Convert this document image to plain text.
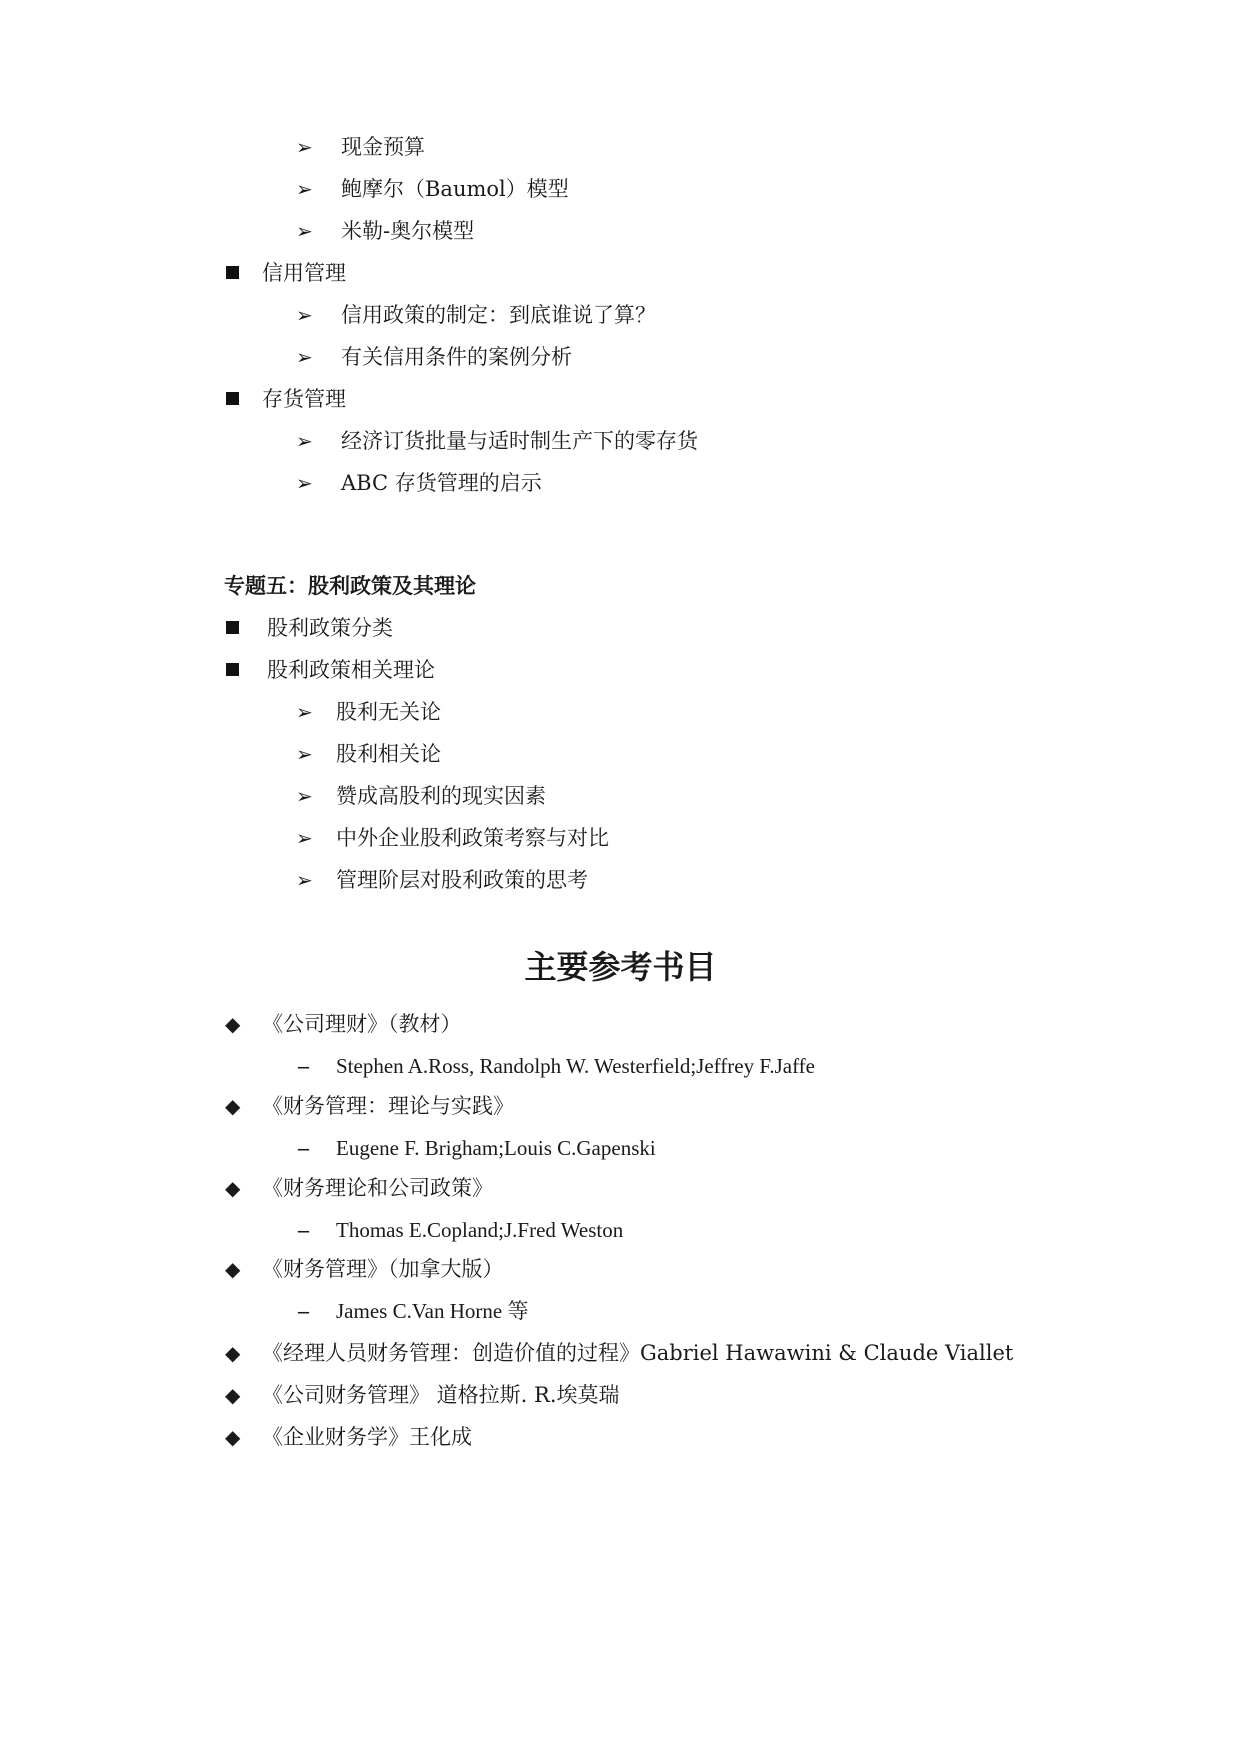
➢ 现金预算
➢ 鲍摩尔（Baumol）模型
➢ 米勒-奥尔模型
信用管理
➢ 信用政策的制定：到底谁说了算？
➢ 有关信用条件的案例分析
存货管理
➢ 经济订货批量与适时制生产下的零存货
➢ ABC 存货管理的启示
专题五：股利政策及其理论
股利政策分类
股利政策相关理论
➢ 股利无关论
➢ 股利相关论
➢ 赞成高股利的现实因素
➢ 中外企业股利政策考察与对比
➢ 管理阶层对股利政策的思考
主要参考书目
◆ 《公司理财》（教材）
– Stephen A.Ross, Randolph W. Westerfield;Jeffrey F.Jaffe
◆ 《财务管理：理论与实践》
– Eugene F. Brigham;Louis C.Gapenski
◆ 《财务理论和公司政策》
– Thomas E.Copland;J.Fred Weston
◆ 《财务管理》（加拿大版）
– James C.Van Horne 等
◆ 《经理人员财务管理：创造价值的过程》Gabriel Hawawini & Claude Viallet
◆ 《公司财务管理》 道格拉斯. R.埃莫瑞
◆ 《企业财务学》王化成
